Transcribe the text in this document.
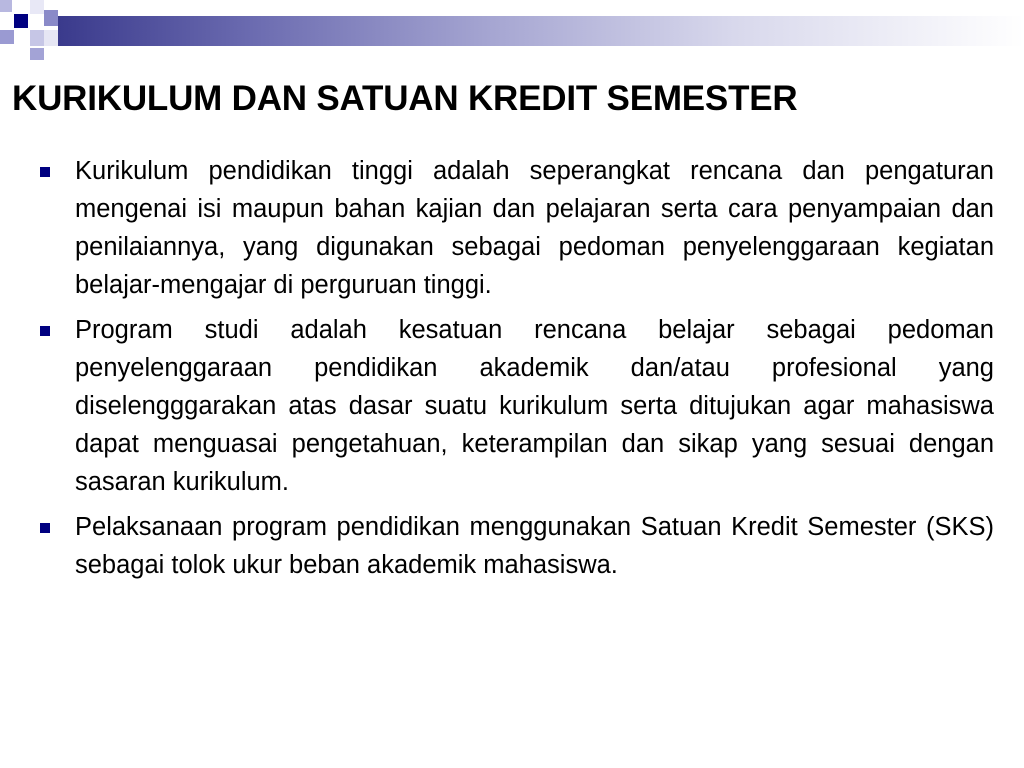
KURIKULUM DAN SATUAN KREDIT SEMESTER
Kurikulum pendidikan tinggi adalah seperangkat rencana dan pengaturan mengenai isi maupun bahan kajian dan pelajaran serta cara penyampaian dan penilaiannya, yang digunakan sebagai pedoman penyelenggaraan kegiatan belajar-mengajar di perguruan tinggi.
Program studi adalah kesatuan rencana belajar sebagai pedoman penyelenggaraan pendidikan akademik dan/atau profesional yang diselengggarakan atas dasar suatu kurikulum serta ditujukan agar mahasiswa dapat menguasai pengetahuan, keterampilan dan sikap yang sesuai dengan sasaran kurikulum.
Pelaksanaan program pendidikan menggunakan Satuan Kredit Semester (SKS) sebagai tolok ukur beban akademik mahasiswa.
